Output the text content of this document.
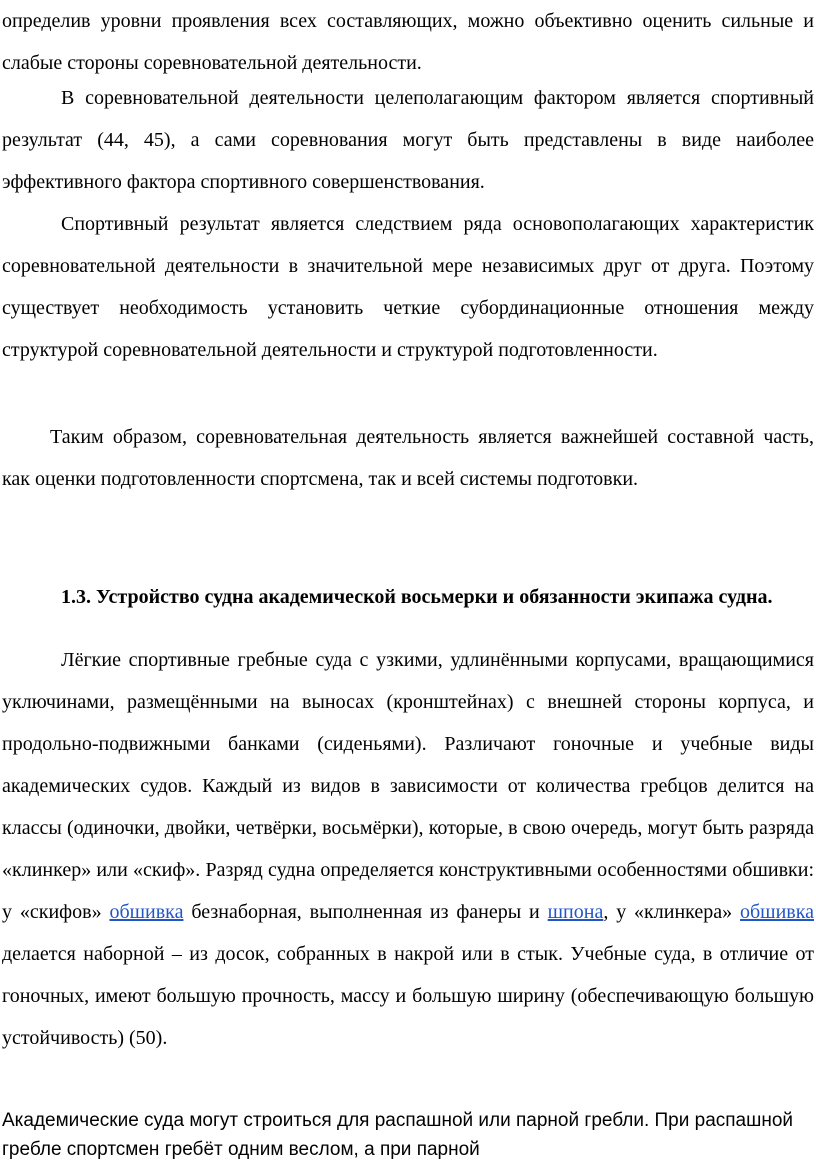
определив уровни проявления всех составляющих, можно объективно оценить сильные и слабые стороны соревновательной деятельности.

В соревновательной деятельности целеполагающим фактором является спортивный результат (44, 45), а сами соревнования могут быть представлены в виде наиболее эффективного фактора спортивного совершенствования.

Спортивный результат является следствием ряда основополагающих характеристик соревновательной деятельности в значительной мере независимых друг от друга. Поэтому существует необходимость установить четкие субординационные отношения между структурой соревновательной деятельности и структурой подготовленности.

Таким образом, соревновательная деятельность является важнейшей составной часть, как оценки подготовленности спортсмена, так и всей системы подготовки.

1.3. Устройство судна академической восьмерки и обязанности экипажа судна.

Лёгкие спортивные гребные суда с узкими, удлинёнными корпусами, вращающимися уключинами, размещёнными на выносах (кронштейнах) с внешней стороны корпуса, и продольно-подвижными банками (сиденьями). Различают гоночные и учебные виды академических судов. Каждый из видов в зависимости от количества гребцов делится на классы (одиночки, двойки, четвёрки, восьмёрки), которые, в свою очередь, могут быть разряда «клинкер» или «скиф». Разряд судна определяется конструктивными особенностями обшивки: у «скифов» обшивка безнаборная, выполненная из фанеры и шпона, у «клинкера» обшивка делается наборной – из досок, собранных в накрой или в стык. Учебные суда, в отличие от гоночных, имеют большую прочность, массу и большую ширину (обеспечивающую большую устойчивость) (50).

Академические суда могут строиться для распашной или парной гребли. При распашной гребле спортсмен гребёт одним веслом, а при парной
